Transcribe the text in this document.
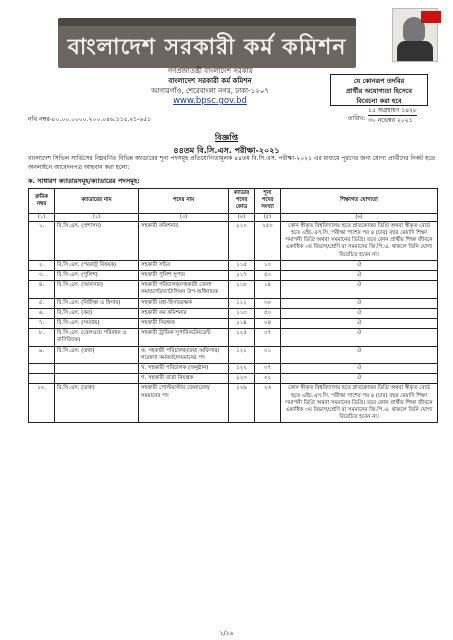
বাংলাদেশ সরকারী কর্ম কমিশন
গণপ্রজাতন্ত্রী বাংলাদেশ সরকার
বাংলাদেশ সরকারী কর্ম কমিশন
আগারগাঁও, শেরেবাংলা নগর, ঢাকা-১২০৭
www.bpsc.gov.bd
যে কোনরূপ তদবির
প্রার্থীর অযোগ্যতা হিসেবে
বিবেচনা করা হবে
নথি নম্বর-৮০.০০.০০০০.২০০.০৪৬.১১৫.২১-৬৫১	তারিখ:
১৫ অগ্রহায়ণ ১৪২৮
৩০ নভেম্বর ২০২১
বিজ্ঞপ্তি
৪৪তম বি.সি.এস. পরীক্ষা-২০২১
বাংলাদেশ সিভিল সার্ভিসের নিম্নবর্ণিত বিভিন্ন ক্যাডারের শূন্য পদসমূহ প্রতিযোগিতামূলক ৪৪তম বি.সি.এস. পরীক্ষা-২০২১ এর মাধ্যমে পূরণের জন্য যোগ্য প্রার্থীদের নিকট হতে অনলাইনে আবেদনপত্র আহবান করা হলো:
ক. সাধারণ ক্যাডারসমূহ/ক্যাডারের পদসমূহ:
ক্রমিক নম্বর	ক্যাডারের নাম	পদের নাম	ক্যাডার পদের কোড	শূন্য পদের সংখ্যা	শিক্ষাগত যোগ্যতা
(১)	(২)	(৩)	(৪)	(৫)	(৬)
১.	বি.সি.এস. (প্রশাসন)	সহকারী কমিশনার	১১০	২৫০	কোন স্বীকৃত বিশ্ববিদ্যালয় হতে স্নাতকোত্তর ডিগ্রি অথবা স্বীকৃত বোর্ড হতে এইচ.এস.সি. পরীক্ষা পাশের পর ৪ (চার) বছর মেয়াদি শিক্ষা সমাপনী ডিগ্রি অথবা সমমানের ডিগ্রি। তবে কোন প্রার্থীর শিক্ষা জীবনে একাধিক ৩য় বিভাগ/শ্রেণি বা সমমানের জি.পি.এ. থাকলে তিনি যোগ্য বিবেচিত হবেন না।
২.	বি.সি.এস. (পররাষ্ট্র বিষয়ক)	সহকারী সচিব	১১৫	১০	ঐ
৩.	বি.সি.এস. (পুলিশ)	সহকারী পুলিশ সুপার	১১৭	৫০	ঐ
৪.	বি.সি.এস. (আনসার)	সহকারী পরিচালক/সহকারী জেলা কমান্ড্যান্ট/ব্যাটালিয়ন উপ-অধিনায়ক	১১৮	১৪	ঐ
৫.	বি.সি.এস. (নিরীক্ষা ও হিসাব)	সহকারী মহা-হিসাবরক্ষক	১১২	৩০	ঐ
৬.	বি.সি.এস. (কর)	সহকারী কর কমিশনার	১১৩	৫০	ঐ
৭.	বি.সি.এস. (সমবায়)	সহকারী নিবন্ধক	১১৪	০৪	ঐ
৮.	বি.সি.এস. (রেলওয়ে পরিবহন ও বাণিজ্যিক)	সহকারী ট্রাফিক সুপারিনটেনডেন্ট	১২৫	০৭	ঐ
৯.	বি.সি.এস. (তথ্য)	ক. সহকারী পরিচালক/তথ্য অফিসার/গবেষণা কর্মকর্তা/সমমানের পদ	১২১	০১	ঐ
		খ. সহকারী পরিচালক (অনুষ্ঠান)	১২২	০৭	ঐ
		গ. সহকারী বার্তা নিয়ন্ত্রক	১২৩	০২	ঐ
১০.	বি.সি.এস. (ডাক)	সহকারী পোস্টমাস্টার জেনারেল/সমমানের পদ	১২৬	২৩	কোন স্বীকৃত বিশ্ববিদ্যালয় হতে স্নাতকোত্তর ডিগ্রি অথবা স্বীকৃত বোর্ড হতে এইচ.এস.সি. পরীক্ষা পাশের পর ৪ (চার) বছর মেয়াদি শিক্ষা সমাপনী ডিগ্রি অথবা সমমানের ডিগ্রি। তবে কোন প্রার্থীর শিক্ষা জীবনে একাধিক ৩য় বিভাগ/শ্রেণি বা সমমানের জি.পি.এ. থাকলে তিনি যোগ্য বিবেচিত হবেন না।
১/১৬
